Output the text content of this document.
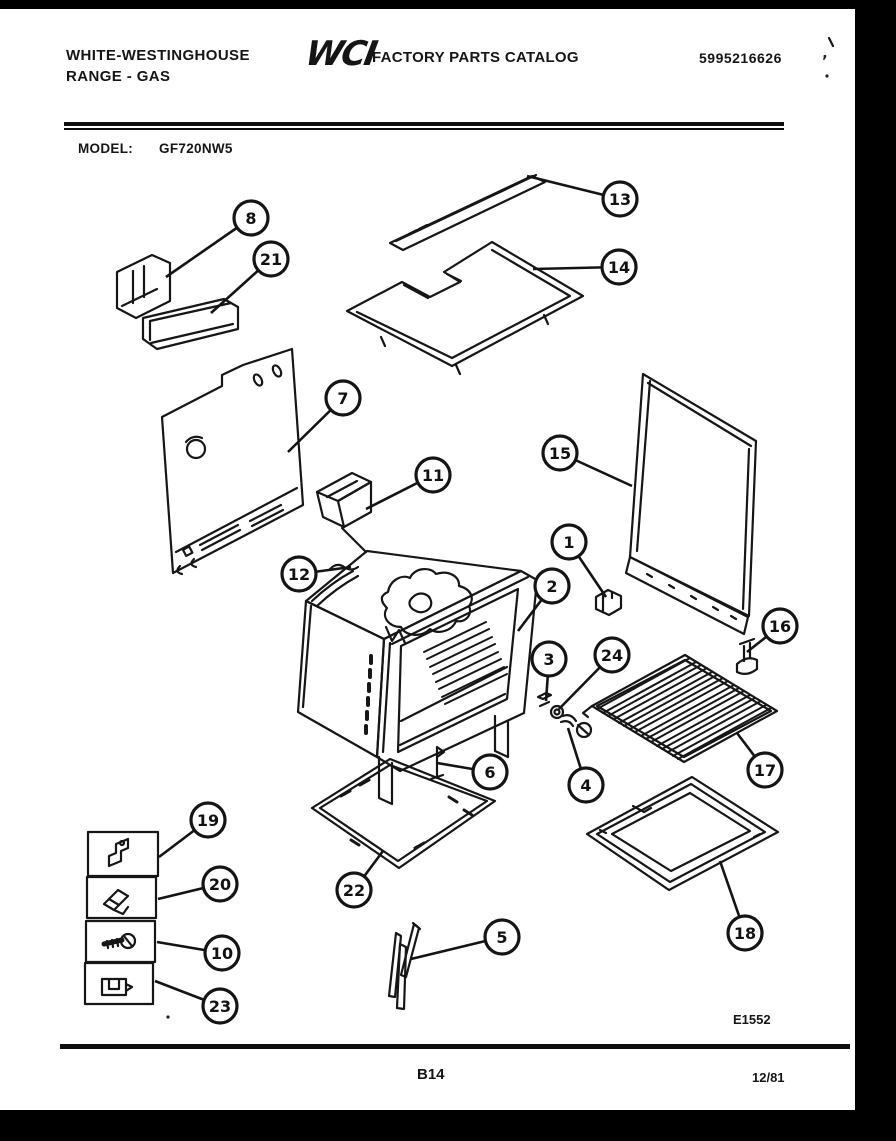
WHITE-WESTINGHOUSE
RANGE - GAS
WCI
FACTORY PARTS CATALOG	5995216626
MODEL: GF720NW5
’
1
2
3
4
5
6
7
8
10
11
12
13
14
15
16
17
18
19
20
21
22
23
24
E1552
B14	12/81
